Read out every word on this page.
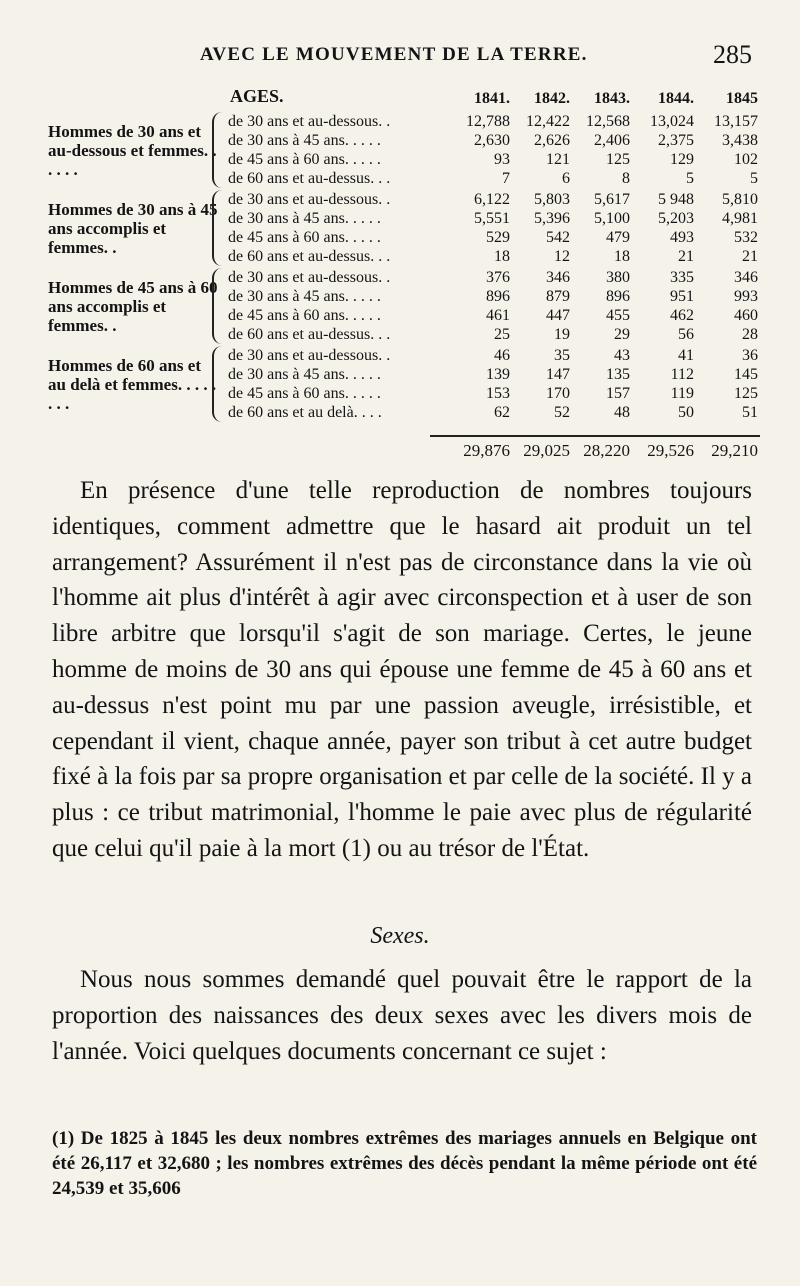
AVEC LE MOUVEMENT DE LA TERRE.	285
AGES.	1841.	1842.	1843.	1844.	1845
Hommes de 30 ans et au-dessous et femmes. . . . . .
de 30 ans et au-dessous. .	12,788	12,422	12,568	13,024	13,157
de 30 ans à 45 ans. . . . .	2,630	2,626	2,406	2,375	3,438
de 45 ans à 60 ans. . . . .	93	121	125	129	102
de 60 ans et au-dessus. . .	7	6	8	5	5
Hommes de 30 ans à 45 ans accomplis et femmes. .
de 30 ans et au-dessous. .	6,122	5,803	5,617	5 948	5,810
de 30 ans à 45 ans. . . . .	5,551	5,396	5,100	5,203	4,981
de 45 ans à 60 ans. . . . .	529	542	479	493	532
de 60 ans et au-dessus. . .	18	12	18	21	21
Hommes de 45 ans à 60 ans accomplis et femmes. .
de 30 ans et au-dessous. .	376	346	380	335	346
de 30 ans à 45 ans. . . . .	896	879	896	951	993
de 45 ans à 60 ans. . . . .	461	447	455	462	460
de 60 ans et au-dessus. . .	25	19	29	56	28
Hommes de 60 ans et au delà et femmes. . . . . . . .
de 30 ans et au-dessous. .	46	35	43	41	36
de 30 ans à 45 ans. . . . .	139	147	135	112	145
de 45 ans à 60 ans. . . . .	153	170	157	119	125
de 60 ans et au delà. . . .	62	52	48	50	51
29,876 29,025 28,220	29,526	29,210
En présence d'une telle reproduction de nombres toujours identiques, comment admettre que le hasard ait produit un tel arrangement? Assurément il n'est pas de circonstance dans la vie où l'homme ait plus d'intérêt à agir avec circonspection et à user de son libre arbitre que lorsqu'il s'agit de son mariage. Certes, le jeune homme de moins de 30 ans qui épouse une femme de 45 à 60 ans et au-dessus n'est point mu par une passion aveugle, irrésistible, et cependant il vient, chaque année, payer son tribut à cet autre budget fixé à la fois par sa propre organisation et par celle de la société. Il y a plus : ce tribut matrimonial, l'homme le paie avec plus de régularité que celui qu'il paie à la mort (1) ou au trésor de l'État.
Sexes.
Nous nous sommes demandé quel pouvait être le rapport de la proportion des naissances des deux sexes avec les divers mois de l'année. Voici quelques documents concernant ce sujet :
(1) De 1825 à 1845 les deux nombres extrêmes des mariages annuels en Belgique ont été 26,117 et 32,680 ; les nombres extrêmes des décès pendant la même période ont été 24,539 et 35,606
